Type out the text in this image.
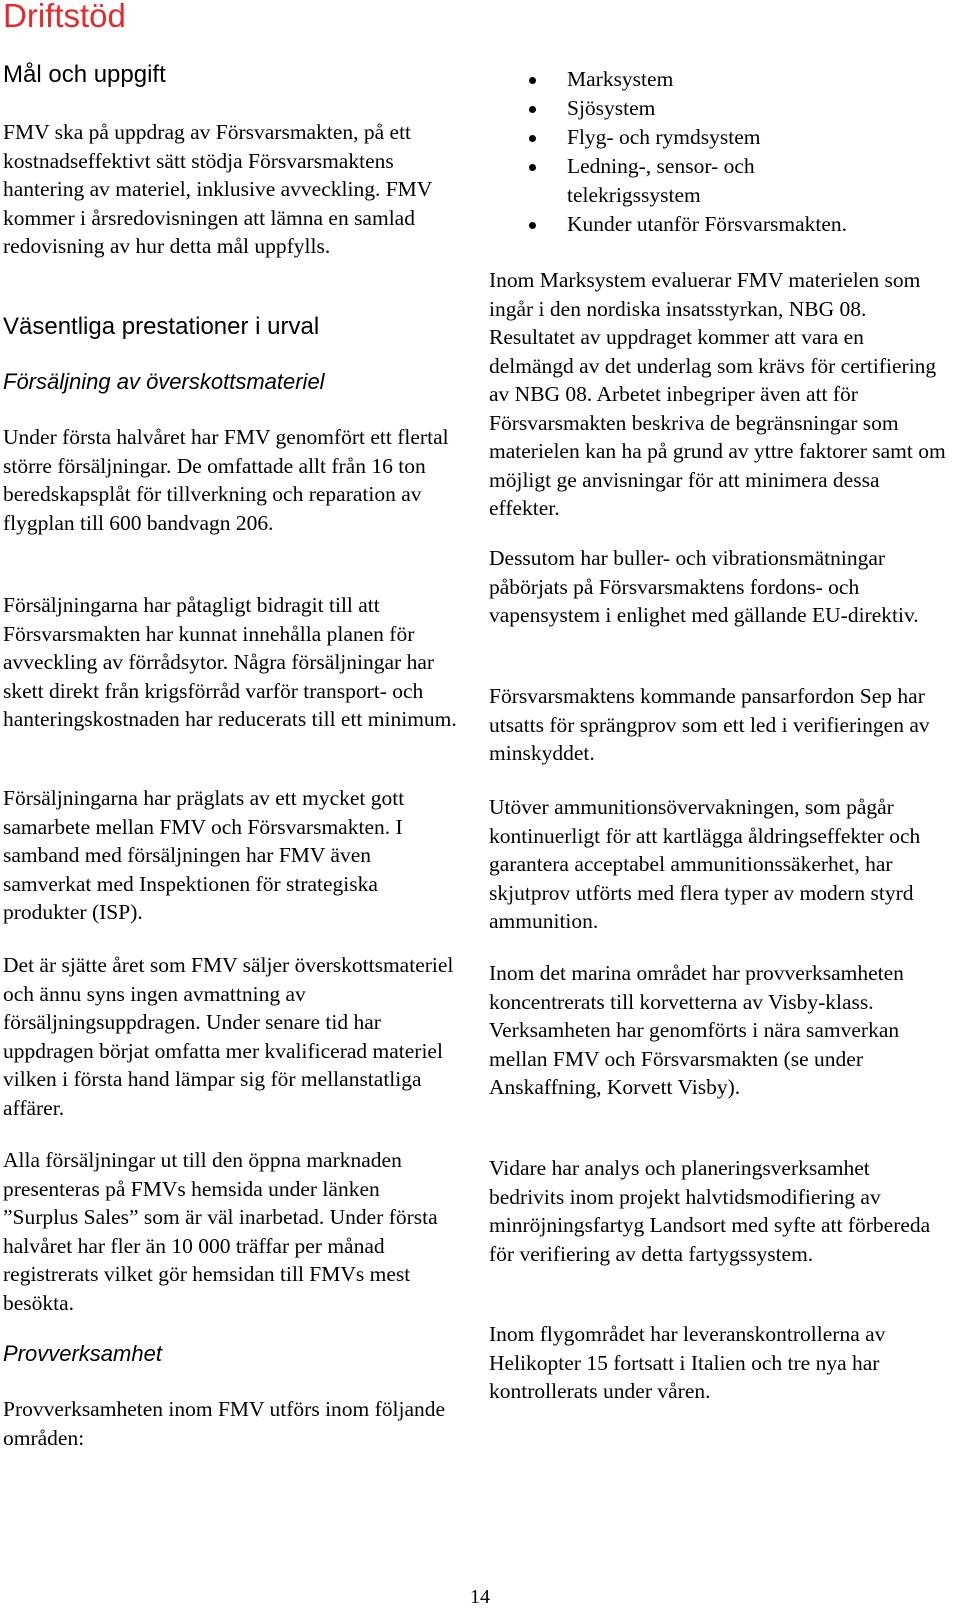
Driftstöd
Mål och uppgift

FMV ska på uppdrag av Försvarsmakten, på ett kostnadseffektivt sätt stödja Försvarsmaktens hantering av materiel, inklusive avveckling. FMV kommer i årsredovisningen att lämna en samlad redovisning av hur detta mål uppfylls.

Väsentliga prestationer i urval
Försäljning av överskottsmateriel

Under första halvåret har FMV genomfört ett flertal större försäljningar. De omfattade allt från 16 ton beredskapsplåt för tillverkning och reparation av flygplan till 600 bandvagn 206.

Försäljningarna har påtagligt bidragit till att Försvarsmakten har kunnat innehålla planen för avveckling av förrådsytor. Några försäljningar har skett direkt från krigsförråd varför transport- och hanteringskostnaden har reducerats till ett minimum.

Försäljningarna har präglats av ett mycket gott samarbete mellan FMV och Försvarsmakten. I samband med försäljningen har FMV även samverkat med Inspektionen för strategiska produkter (ISP).

Det är sjätte året som FMV säljer överskottsmateriel och ännu syns ingen avmattning av försäljningsuppdragen. Under senare tid har uppdragen börjat omfatta mer kvalificerad materiel vilken i första hand lämpar sig för mellanstatliga affärer.

Alla försäljningar ut till den öppna marknaden presenteras på FMVs hemsida under länken ”Surplus Sales” som är väl inarbetad. Under första halvåret har fler än 10 000 träffar per månad registrerats vilket gör hemsidan till FMVs mest besökta.

Provverksamhet

Provverksamheten inom FMV utförs inom följande områden:

Marksystem
Sjösystem
Flyg- och rymdsystem
Ledning-, sensor- och telekrigssystem
Kunder utanför Försvarsmakten.

Inom Marksystem evaluerar FMV materielen som ingår i den nordiska insatsstyrkan, NBG 08. Resultatet av uppdraget kommer att vara en delmängd av det underlag som krävs för certifiering av NBG 08. Arbetet inbegriper även att för Försvarsmakten beskriva de begränsningar som materielen kan ha på grund av yttre faktorer samt om möjligt ge anvisningar för att minimera dessa effekter.

Dessutom har buller- och vibrationsmätningar påbörjats på Försvarsmaktens fordons- och vapensystem i enlighet med gällande EU-direktiv.

Försvarsmaktens kommande pansarfordon Sep har utsatts för sprängprov som ett led i verifieringen av minskyddet.

Utöver ammunitionsövervakningen, som pågår kontinuerligt för att kartlägga åldringseffekter och garantera acceptabel ammunitionssäkerhet, har skjutprov utförts med flera typer av modern styrd ammunition.

Inom det marina området har provverksamheten koncentrerats till korvetterna av Visby-klass. Verksamheten har genomförts i nära samverkan mellan FMV och Försvarsmakten (se under Anskaffning, Korvett Visby).

Vidare har analys och planeringsverksamhet bedrivits inom projekt halvtidsmodifiering av minröjningsfartyg Landsort med syfte att förbereda för verifiering av detta fartygssystem.

Inom flygområdet har leveranskontrollerna av Helikopter 15 fortsatt i Italien och tre nya har kontrollerats under våren.

14
